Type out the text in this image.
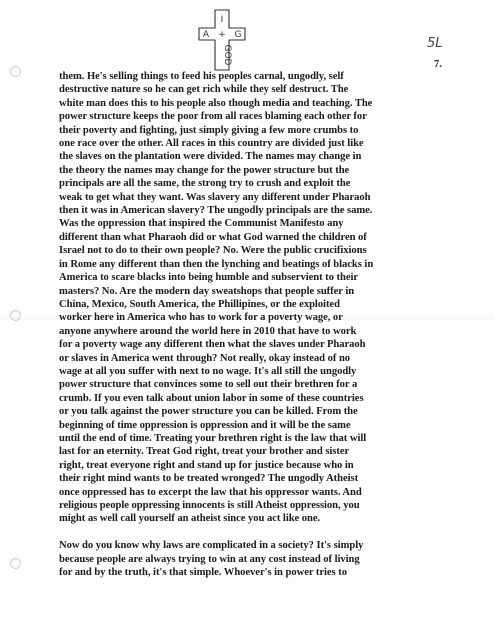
I
A + G
GOD
5L
7.
them. He's selling things to feed his peoples carnal, ungodly, self
destructive nature so he can get rich while they self destruct. The
white man does this to his people also though media and teaching. The
power structure keeps the poor from all races blaming each other for
their poverty and fighting, just simply giving a few more crumbs to
one race over the other. All races in this country are divided just like
the slaves on the plantation were divided. The names may change in
the theory the names may change for the power structure but the
principals are all the same, the strong try to crush and exploit the
weak to get what they want. Was slavery any different under Pharaoh
then it was in American slavery? The ungodly principals are the same.
Was the oppression that inspired the Communist Manifesto any
different than what Pharaoh did or what God warned the children of
Israel not to do to their own people? No. Were the public crucifixions
in Rome any different than then the lynching and beatings of blacks in
America to scare blacks into being humble and subservient to their
masters? No. Are the modern day sweatshops that people suffer in
China, Mexico, South America, the Phillipines, or the exploited
worker here in America who has to work for a poverty wage, or
anyone anywhere around the world here in 2010 that have to work
for a poverty wage any different then what the slaves under Pharaoh
or slaves in America went through? Not really, okay instead of no
wage at all you suffer with next to no wage. It's all still the ungodly
power structure that convinces some to sell out their brethren for a
crumb. If you even talk about union labor in some of these countries
or you talk against the power structure you can be killed. From the
beginning of time oppression is oppression and it will be the same
until the end of time. Treating your brethren right is the law that will
last for an eternity. Treat God right, treat your brother and sister
right, treat everyone right and stand up for justice because who in
their right mind wants to be treated wronged? The ungodly Atheist
once oppressed has to excerpt the law that his oppressor wants. And
religious people oppressing innocents is still Atheist oppression, you
might as well call yourself an atheist since you act like one.
Now do you know why laws are complicated in a society? It's simply
because people are always trying to win at any cost instead of living
for and by the truth, it's that simple. Whoever's in power tries to
